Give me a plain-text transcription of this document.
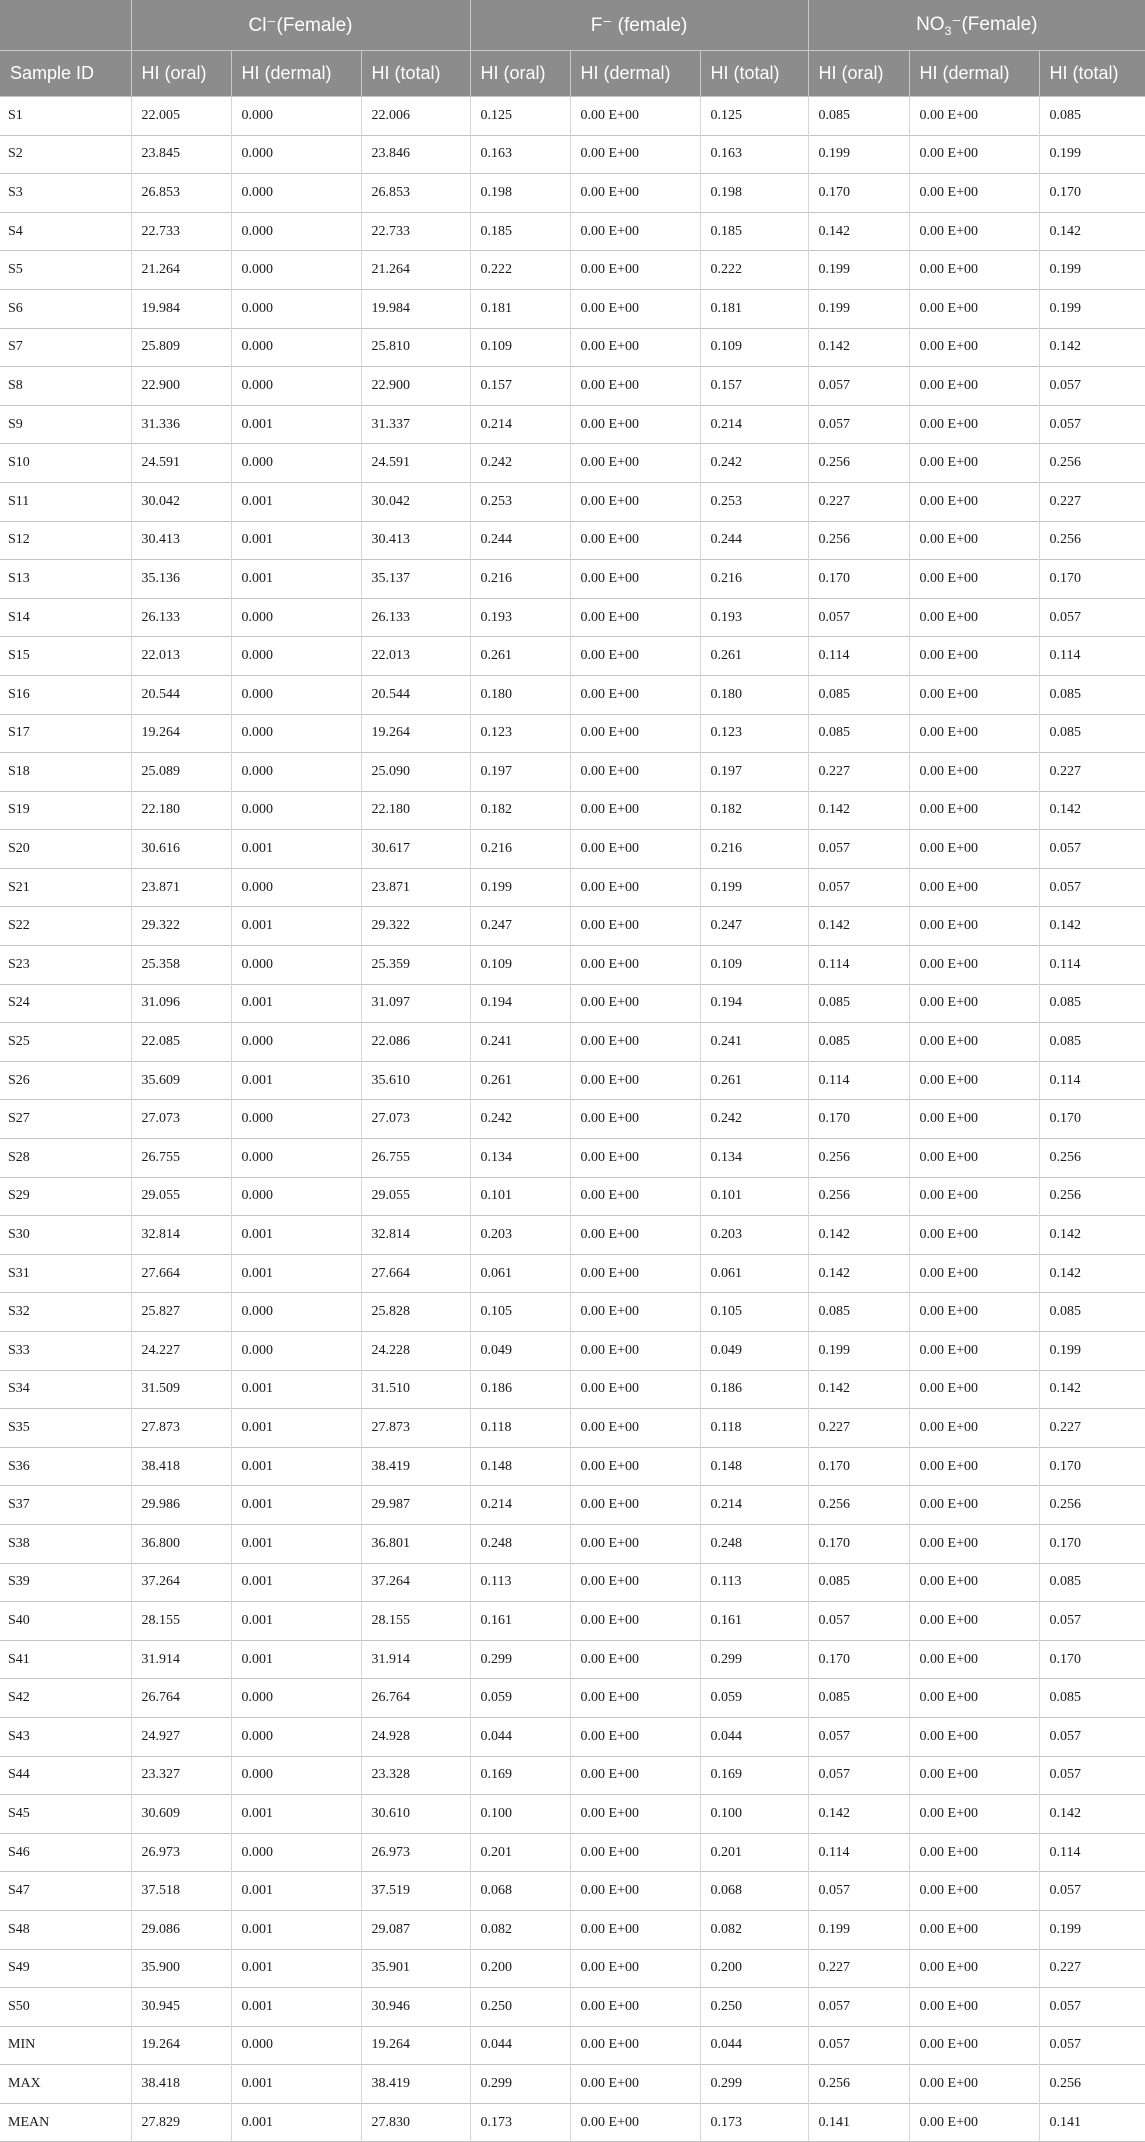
	Cl⁻(Female)			F⁻ (female)			$NO_3^-(Female)$		
Sample ID	HI (oral)	HI (dermal)	HI (total)	HI (oral)	HI (dermal)	HI (total)	HI (oral)	HI (dermal)	HI (total)
S1	22.005	0.000	22.006	0.125	0.00 E+00	0.125	0.085	0.00 E+00	0.085
S2	23.845	0.000	23.846	0.163	0.00 E+00	0.163	0.199	0.00 E+00	0.199
S3	26.853	0.000	26.853	0.198	0.00 E+00	0.198	0.170	0.00 E+00	0.170
S4	22.733	0.000	22.733	0.185	0.00 E+00	0.185	0.142	0.00 E+00	0.142
S5	21.264	0.000	21.264	0.222	0.00 E+00	0.222	0.199	0.00 E+00	0.199
S6	19.984	0.000	19.984	0.181	0.00 E+00	0.181	0.199	0.00 E+00	0.199
S7	25.809	0.000	25.810	0.109	0.00 E+00	0.109	0.142	0.00 E+00	0.142
S8	22.900	0.000	22.900	0.157	0.00 E+00	0.157	0.057	0.00 E+00	0.057
S9	31.336	0.001	31.337	0.214	0.00 E+00	0.214	0.057	0.00 E+00	0.057
S10	24.591	0.000	24.591	0.242	0.00 E+00	0.242	0.256	0.00 E+00	0.256
S11	30.042	0.001	30.042	0.253	0.00 E+00	0.253	0.227	0.00 E+00	0.227
S12	30.413	0.001	30.413	0.244	0.00 E+00	0.244	0.256	0.00 E+00	0.256
S13	35.136	0.001	35.137	0.216	0.00 E+00	0.216	0.170	0.00 E+00	0.170
S14	26.133	0.000	26.133	0.193	0.00 E+00	0.193	0.057	0.00 E+00	0.057
S15	22.013	0.000	22.013	0.261	0.00 E+00	0.261	0.114	0.00 E+00	0.114
S16	20.544	0.000	20.544	0.180	0.00 E+00	0.180	0.085	0.00 E+00	0.085
S17	19.264	0.000	19.264	0.123	0.00 E+00	0.123	0.085	0.00 E+00	0.085
S18	25.089	0.000	25.090	0.197	0.00 E+00	0.197	0.227	0.00 E+00	0.227
S19	22.180	0.000	22.180	0.182	0.00 E+00	0.182	0.142	0.00 E+00	0.142
S20	30.616	0.001	30.617	0.216	0.00 E+00	0.216	0.057	0.00 E+00	0.057
S21	23.871	0.000	23.871	0.199	0.00 E+00	0.199	0.057	0.00 E+00	0.057
S22	29.322	0.001	29.322	0.247	0.00 E+00	0.247	0.142	0.00 E+00	0.142
S23	25.358	0.000	25.359	0.109	0.00 E+00	0.109	0.114	0.00 E+00	0.114
S24	31.096	0.001	31.097	0.194	0.00 E+00	0.194	0.085	0.00 E+00	0.085
S25	22.085	0.000	22.086	0.241	0.00 E+00	0.241	0.085	0.00 E+00	0.085
S26	35.609	0.001	35.610	0.261	0.00 E+00	0.261	0.114	0.00 E+00	0.114
S27	27.073	0.000	27.073	0.242	0.00 E+00	0.242	0.170	0.00 E+00	0.170
S28	26.755	0.000	26.755	0.134	0.00 E+00	0.134	0.256	0.00 E+00	0.256
S29	29.055	0.000	29.055	0.101	0.00 E+00	0.101	0.256	0.00 E+00	0.256
S30	32.814	0.001	32.814	0.203	0.00 E+00	0.203	0.142	0.00 E+00	0.142
S31	27.664	0.001	27.664	0.061	0.00 E+00	0.061	0.142	0.00 E+00	0.142
S32	25.827	0.000	25.828	0.105	0.00 E+00	0.105	0.085	0.00 E+00	0.085
S33	24.227	0.000	24.228	0.049	0.00 E+00	0.049	0.199	0.00 E+00	0.199
S34	31.509	0.001	31.510	0.186	0.00 E+00	0.186	0.142	0.00 E+00	0.142
S35	27.873	0.001	27.873	0.118	0.00 E+00	0.118	0.227	0.00 E+00	0.227
S36	38.418	0.001	38.419	0.148	0.00 E+00	0.148	0.170	0.00 E+00	0.170
S37	29.986	0.001	29.987	0.214	0.00 E+00	0.214	0.256	0.00 E+00	0.256
S38	36.800	0.001	36.801	0.248	0.00 E+00	0.248	0.170	0.00 E+00	0.170
S39	37.264	0.001	37.264	0.113	0.00 E+00	0.113	0.085	0.00 E+00	0.085
S40	28.155	0.001	28.155	0.161	0.00 E+00	0.161	0.057	0.00 E+00	0.057
S41	31.914	0.001	31.914	0.299	0.00 E+00	0.299	0.170	0.00 E+00	0.170
S42	26.764	0.000	26.764	0.059	0.00 E+00	0.059	0.085	0.00 E+00	0.085
S43	24.927	0.000	24.928	0.044	0.00 E+00	0.044	0.057	0.00 E+00	0.057
S44	23.327	0.000	23.328	0.169	0.00 E+00	0.169	0.057	0.00 E+00	0.057
S45	30.609	0.001	30.610	0.100	0.00 E+00	0.100	0.142	0.00 E+00	0.142
S46	26.973	0.000	26.973	0.201	0.00 E+00	0.201	0.114	0.00 E+00	0.114
S47	37.518	0.001	37.519	0.068	0.00 E+00	0.068	0.057	0.00 E+00	0.057
S48	29.086	0.001	29.087	0.082	0.00 E+00	0.082	0.199	0.00 E+00	0.199
S49	35.900	0.001	35.901	0.200	0.00 E+00	0.200	0.227	0.00 E+00	0.227
S50	30.945	0.001	30.946	0.250	0.00 E+00	0.250	0.057	0.00 E+00	0.057
MIN	19.264	0.000	19.264	0.044	0.00 E+00	0.044	0.057	0.00 E+00	0.057
MAX	38.418	0.001	38.419	0.299	0.00 E+00	0.299	0.256	0.00 E+00	0.256
MEAN	27.829	0.001	27.830	0.173	0.00 E+00	0.173	0.141	0.00 E+00	0.141
